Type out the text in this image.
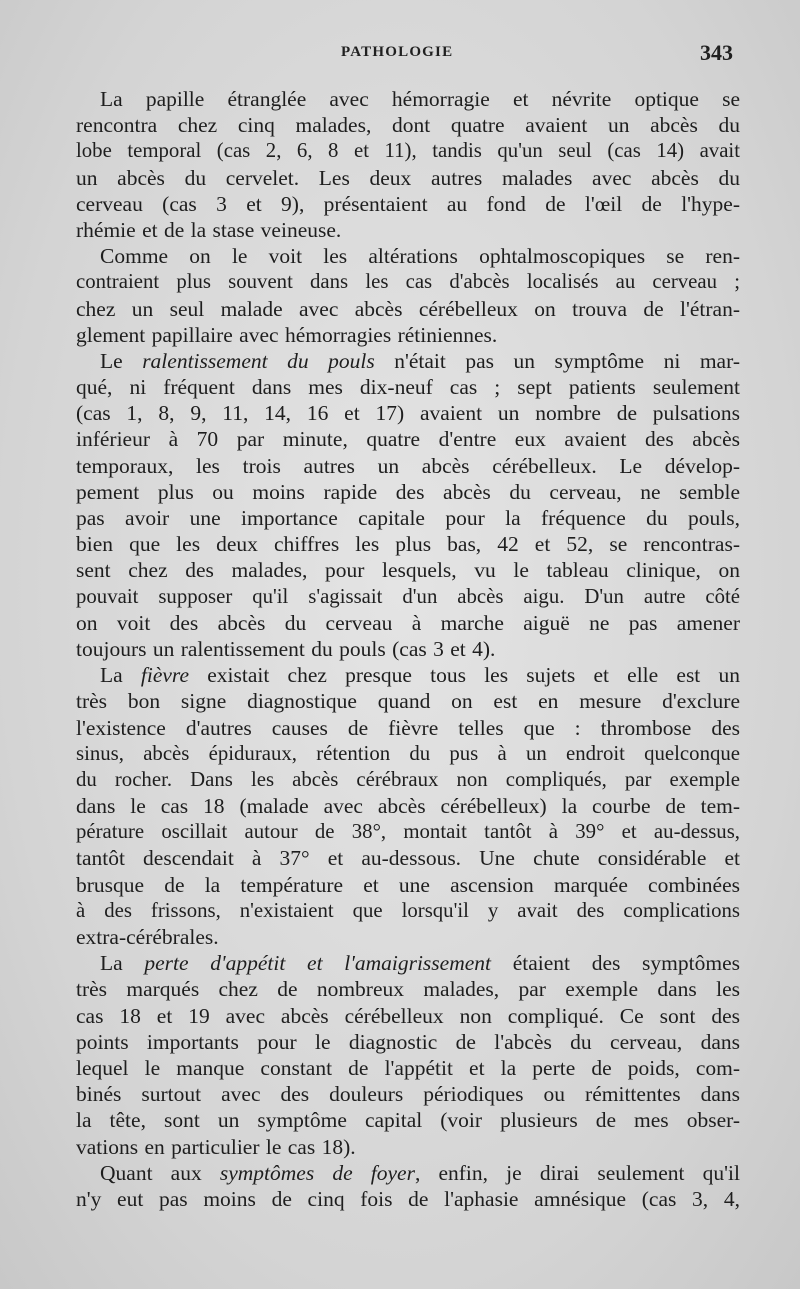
PATHOLOGIE	343
La papille étranglée avec hémorragie et névrite optique se
rencontra chez cinq malades, dont quatre avaient un abcès du
lobe temporal (cas 2, 6, 8 et 11), tandis qu'un seul (cas 14) avait
un abcès du cervelet. Les deux autres malades avec abcès du
cerveau (cas 3 et 9), présentaient au fond de l'œil de l'hype-
rhémie et de la stase veineuse.
Comme on le voit les altérations ophtalmoscopiques se ren-
contraient plus souvent dans les cas d'abcès localisés au cerveau ;
chez un seul malade avec abcès cérébelleux on trouva de l'étran-
glement papillaire avec hémorragies rétiniennes.
Le ralentissement du pouls n'était pas un symptôme ni mar-
qué, ni fréquent dans mes dix-neuf cas ; sept patients seulement
(cas 1, 8, 9, 11, 14, 16 et 17) avaient un nombre de pulsations
inférieur à 70 par minute, quatre d'entre eux avaient des abcès
temporaux, les trois autres un abcès cérébelleux. Le dévelop-
pement plus ou moins rapide des abcès du cerveau, ne semble
pas avoir une importance capitale pour la fréquence du pouls,
bien que les deux chiffres les plus bas, 42 et 52, se rencontras-
sent chez des malades, pour lesquels, vu le tableau clinique, on
pouvait supposer qu'il s'agissait d'un abcès aigu. D'un autre côté
on voit des abcès du cerveau à marche aiguë ne pas amener
toujours un ralentissement du pouls (cas 3 et 4).
La fièvre existait chez presque tous les sujets et elle est un
très bon signe diagnostique quand on est en mesure d'exclure
l'existence d'autres causes de fièvre telles que : thrombose des
sinus, abcès épiduraux, rétention du pus à un endroit quelconque
du rocher. Dans les abcès cérébraux non compliqués, par exemple
dans le cas 18 (malade avec abcès cérébelleux) la courbe de tem-
pérature oscillait autour de 38°, montait tantôt à 39° et au-dessus,
tantôt descendait à 37° et au-dessous. Une chute considérable et
brusque de la température et une ascension marquée combinées
à des frissons, n'existaient que lorsqu'il y avait des complications
extra-cérébrales.
La perte d'appétit et l'amaigrissement étaient des symptômes
très marqués chez de nombreux malades, par exemple dans les
cas 18 et 19 avec abcès cérébelleux non compliqué. Ce sont des
points importants pour le diagnostic de l'abcès du cerveau, dans
lequel le manque constant de l'appétit et la perte de poids, com-
binés surtout avec des douleurs périodiques ou rémittentes dans
la tête, sont un symptôme capital (voir plusieurs de mes obser-
vations en particulier le cas 18).
Quant aux symptômes de foyer, enfin, je dirai seulement qu'il
n'y eut pas moins de cinq fois de l'aphasie amnésique (cas 3, 4,
